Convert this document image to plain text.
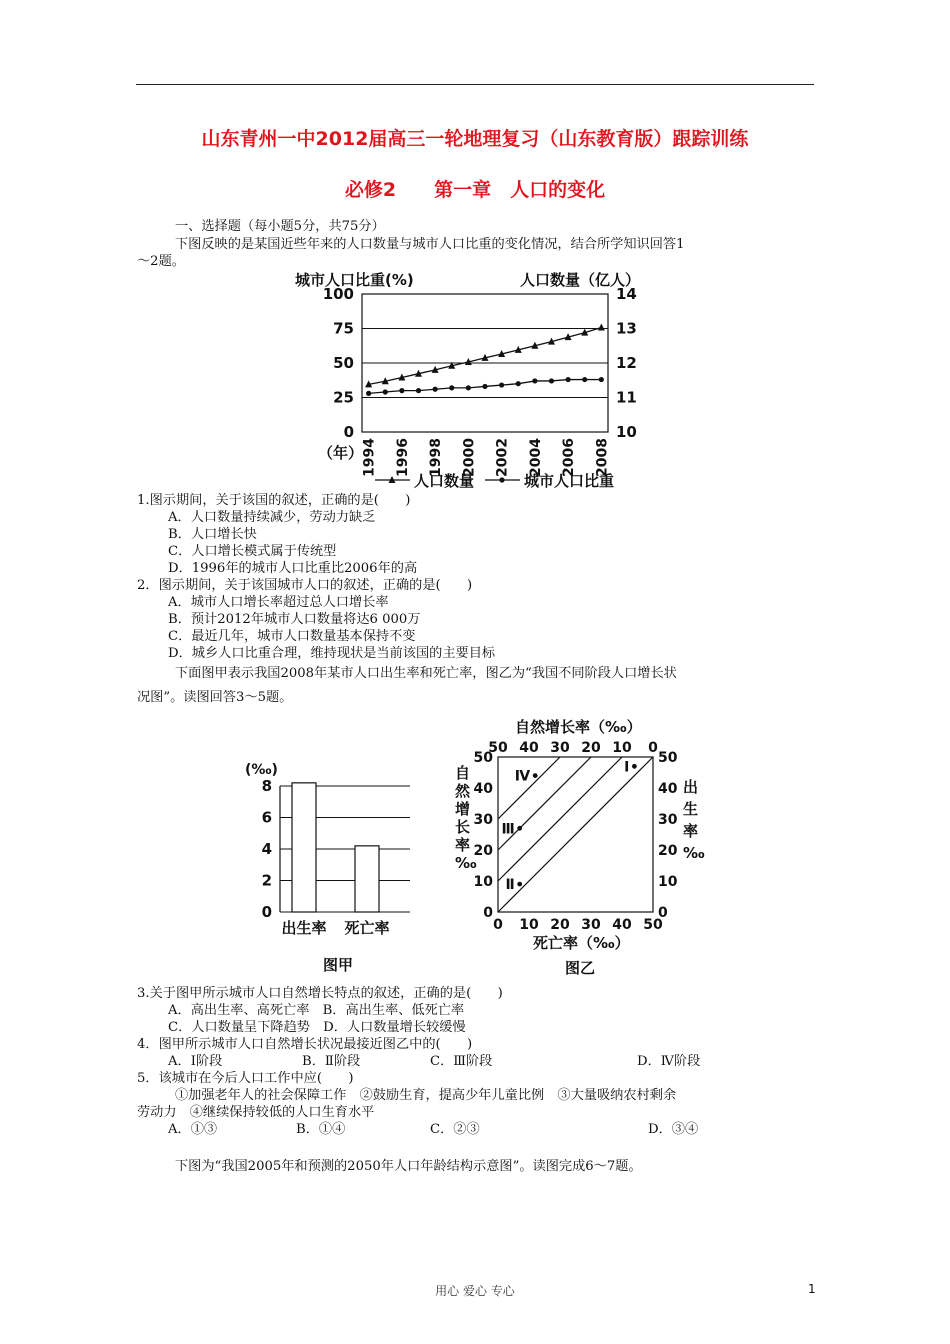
山东青州一中2012届高三一轮地理复习（山东教育版）跟踪训练
必修2　　第一章　人口的变化
一、选择题（每小题5分，共75分）
下图反映的是某国近些年来的人口数量与城市人口比重的变化情况，结合所学知识回答1
～2题。
城市人口比重(%)	人口数量（亿人）
0
25
50
75
100
10
11
12
13
14
1994 1996 1998 2000 2002 2004 2006 2008
（年）
人口数量	城市人口比重
1.图示期间，关于该国的叙述，正确的是(　　)
A．人口数量持续减少，劳动力缺乏
B．人口增长快
C．人口增长模式属于传统型
D．1996年的城市人口比重比2006年的高
2．图示期间，关于该国城市人口的叙述，正确的是(　　)
A．城市人口增长率超过总人口增长率
B．预计2012年城市人口数量将达6 000万
C．最近几年，城市人口数量基本保持不变
D．城乡人口比重合理，维持现状是当前该国的主要目标
下面图甲表示我国2008年某市人口出生率和死亡率，图乙为“我国不同阶段人口增长状
况图”。读图回答3～5题。
(‰)
0
2
4
6
8
出生率 死亡率
图甲
自然增长率（‰）
50 40 30 20 10 0
0
10
20
30
40
50
0
10
20
30
40
50
0 10 20 30 40 50
自然增长率‰
出生率‰
Ⅰ
Ⅱ
Ⅲ
Ⅳ
死亡率（‰）
图乙
3.关于图甲所示城市人口自然增长特点的叙述，正确的是(　　)
A．高出生率、高死亡率　B．高出生率、低死亡率
C．人口数量呈下降趋势　D．人口数量增长较缓慢
4．图甲所示城市人口自然增长状况最接近图乙中的(　　)
A．Ⅰ阶段	B．Ⅱ阶段	C．Ⅲ阶段	D．Ⅳ阶段
5．该城市在今后人口工作中应(　　)
①加强老年人的社会保障工作　②鼓励生育，提高少年儿童比例　③大量吸纳农村剩余
劳动力　④继续保持较低的人口生育水平
A．①③	B．①④	C．②③	D．③④
下图为“我国2005年和预测的2050年人口年龄结构示意图”。读图完成6～7题。
用心 爱心 专心	1
